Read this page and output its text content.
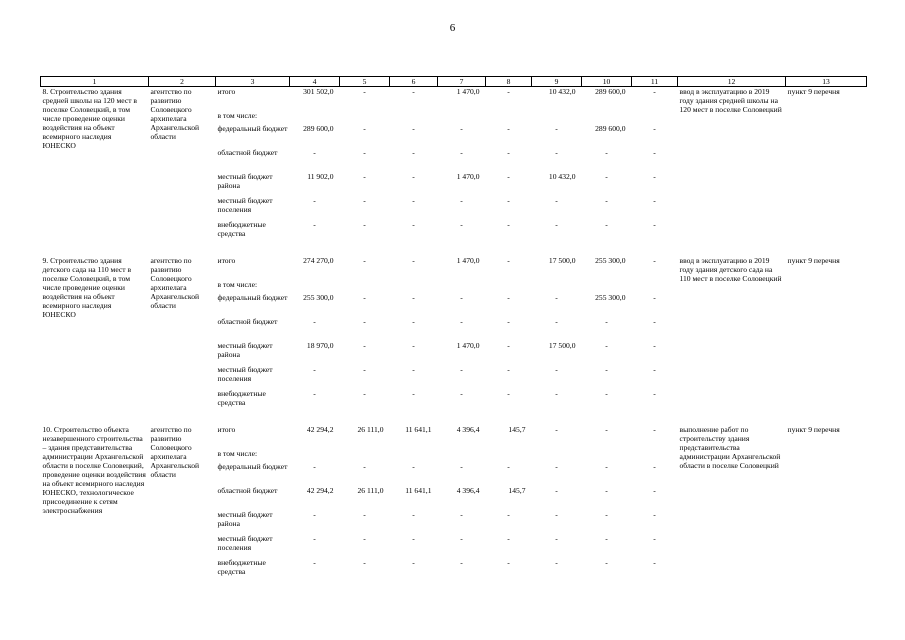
6
1	2	3	4	5	6	7	8	9	10	11	12	13
8. Строительство здания средней школы на 120 мест в поселке Соловецкий, в том числе проведение оценки воздействия на объект всемирного наследия ЮНЕСКО	агентство по развитию Соловецкого архипелага Архангельской области	итого	301 502,0	-	-	1 470,0	-	10 432,0	289 600,0	-	ввод в эксплуатацию в 2019 году здания средней школы на 120 мест в поселке Соловецкий	пункт 9 перечня
		в том числе:										
		федеральный бюджет	289 600,0	-	-	-	-	-	289 600,0	-		
		областной бюджет	-	-	-	-	-	-	-	-		
		местный бюджет района	11 902,0	-	-	1 470,0	-	10 432,0	-	-		
		местный бюджет поселения	-	-	-	-	-	-	-	-		
		внебюджетные средства	-	-	-	-	-	-	-	-		

9. Строительство здания детского сада на 110 мест в поселке Соловецкий, в том числе проведение оценки воздействия на объект всемирного наследия ЮНЕСКО	агентство по развитию Соловецкого архипелага Архангельской области	итого	274 270,0	-	-	1 470,0	-	17 500,0	255 300,0	-	ввод в эксплуатацию в 2019 году здания детского сада на 110 мест в поселке Соловецкий	пункт 9 перечня
		в том числе:										
		федеральный бюджет	255 300,0	-	-	-	-	-	255 300,0	-		
		областной бюджет	-	-	-	-	-	-	-	-		
		местный бюджет района	18 970,0	-	-	1 470,0	-	17 500,0	-	-		
		местный бюджет поселения	-	-	-	-	-	-	-	-		
		внебюджетные средства	-	-	-	-	-	-	-	-		

10. Строительство объекта незавершенного строительства – здания представительства администрации Архангельской области в поселке Соловецкий, проведение оценки воздействия на объект всемирного наследия ЮНЕСКО, технологическое присоединение к сетям электроснабжения	агентство по развитию Соловецкого архипелага Архангельской области	итого	42 294,2	26 111,0	11 641,1	4 396,4	145,7	-	-	-	выполнение работ по строительству здания представительства администрации Архангельской области в поселке Соловецкий	пункт 9 перечня
		в том числе:										
		федеральный бюджет	-	-	-	-	-	-	-	-		
		областной бюджет	42 294,2	26 111,0	11 641,1	4 396,4	145,7	-	-	-		
		местный бюджет района	-	-	-	-	-	-	-	-		
		местный бюджет поселения	-	-	-	-	-	-	-	-		
		внебюджетные средства	-	-	-	-	-	-	-	-		
